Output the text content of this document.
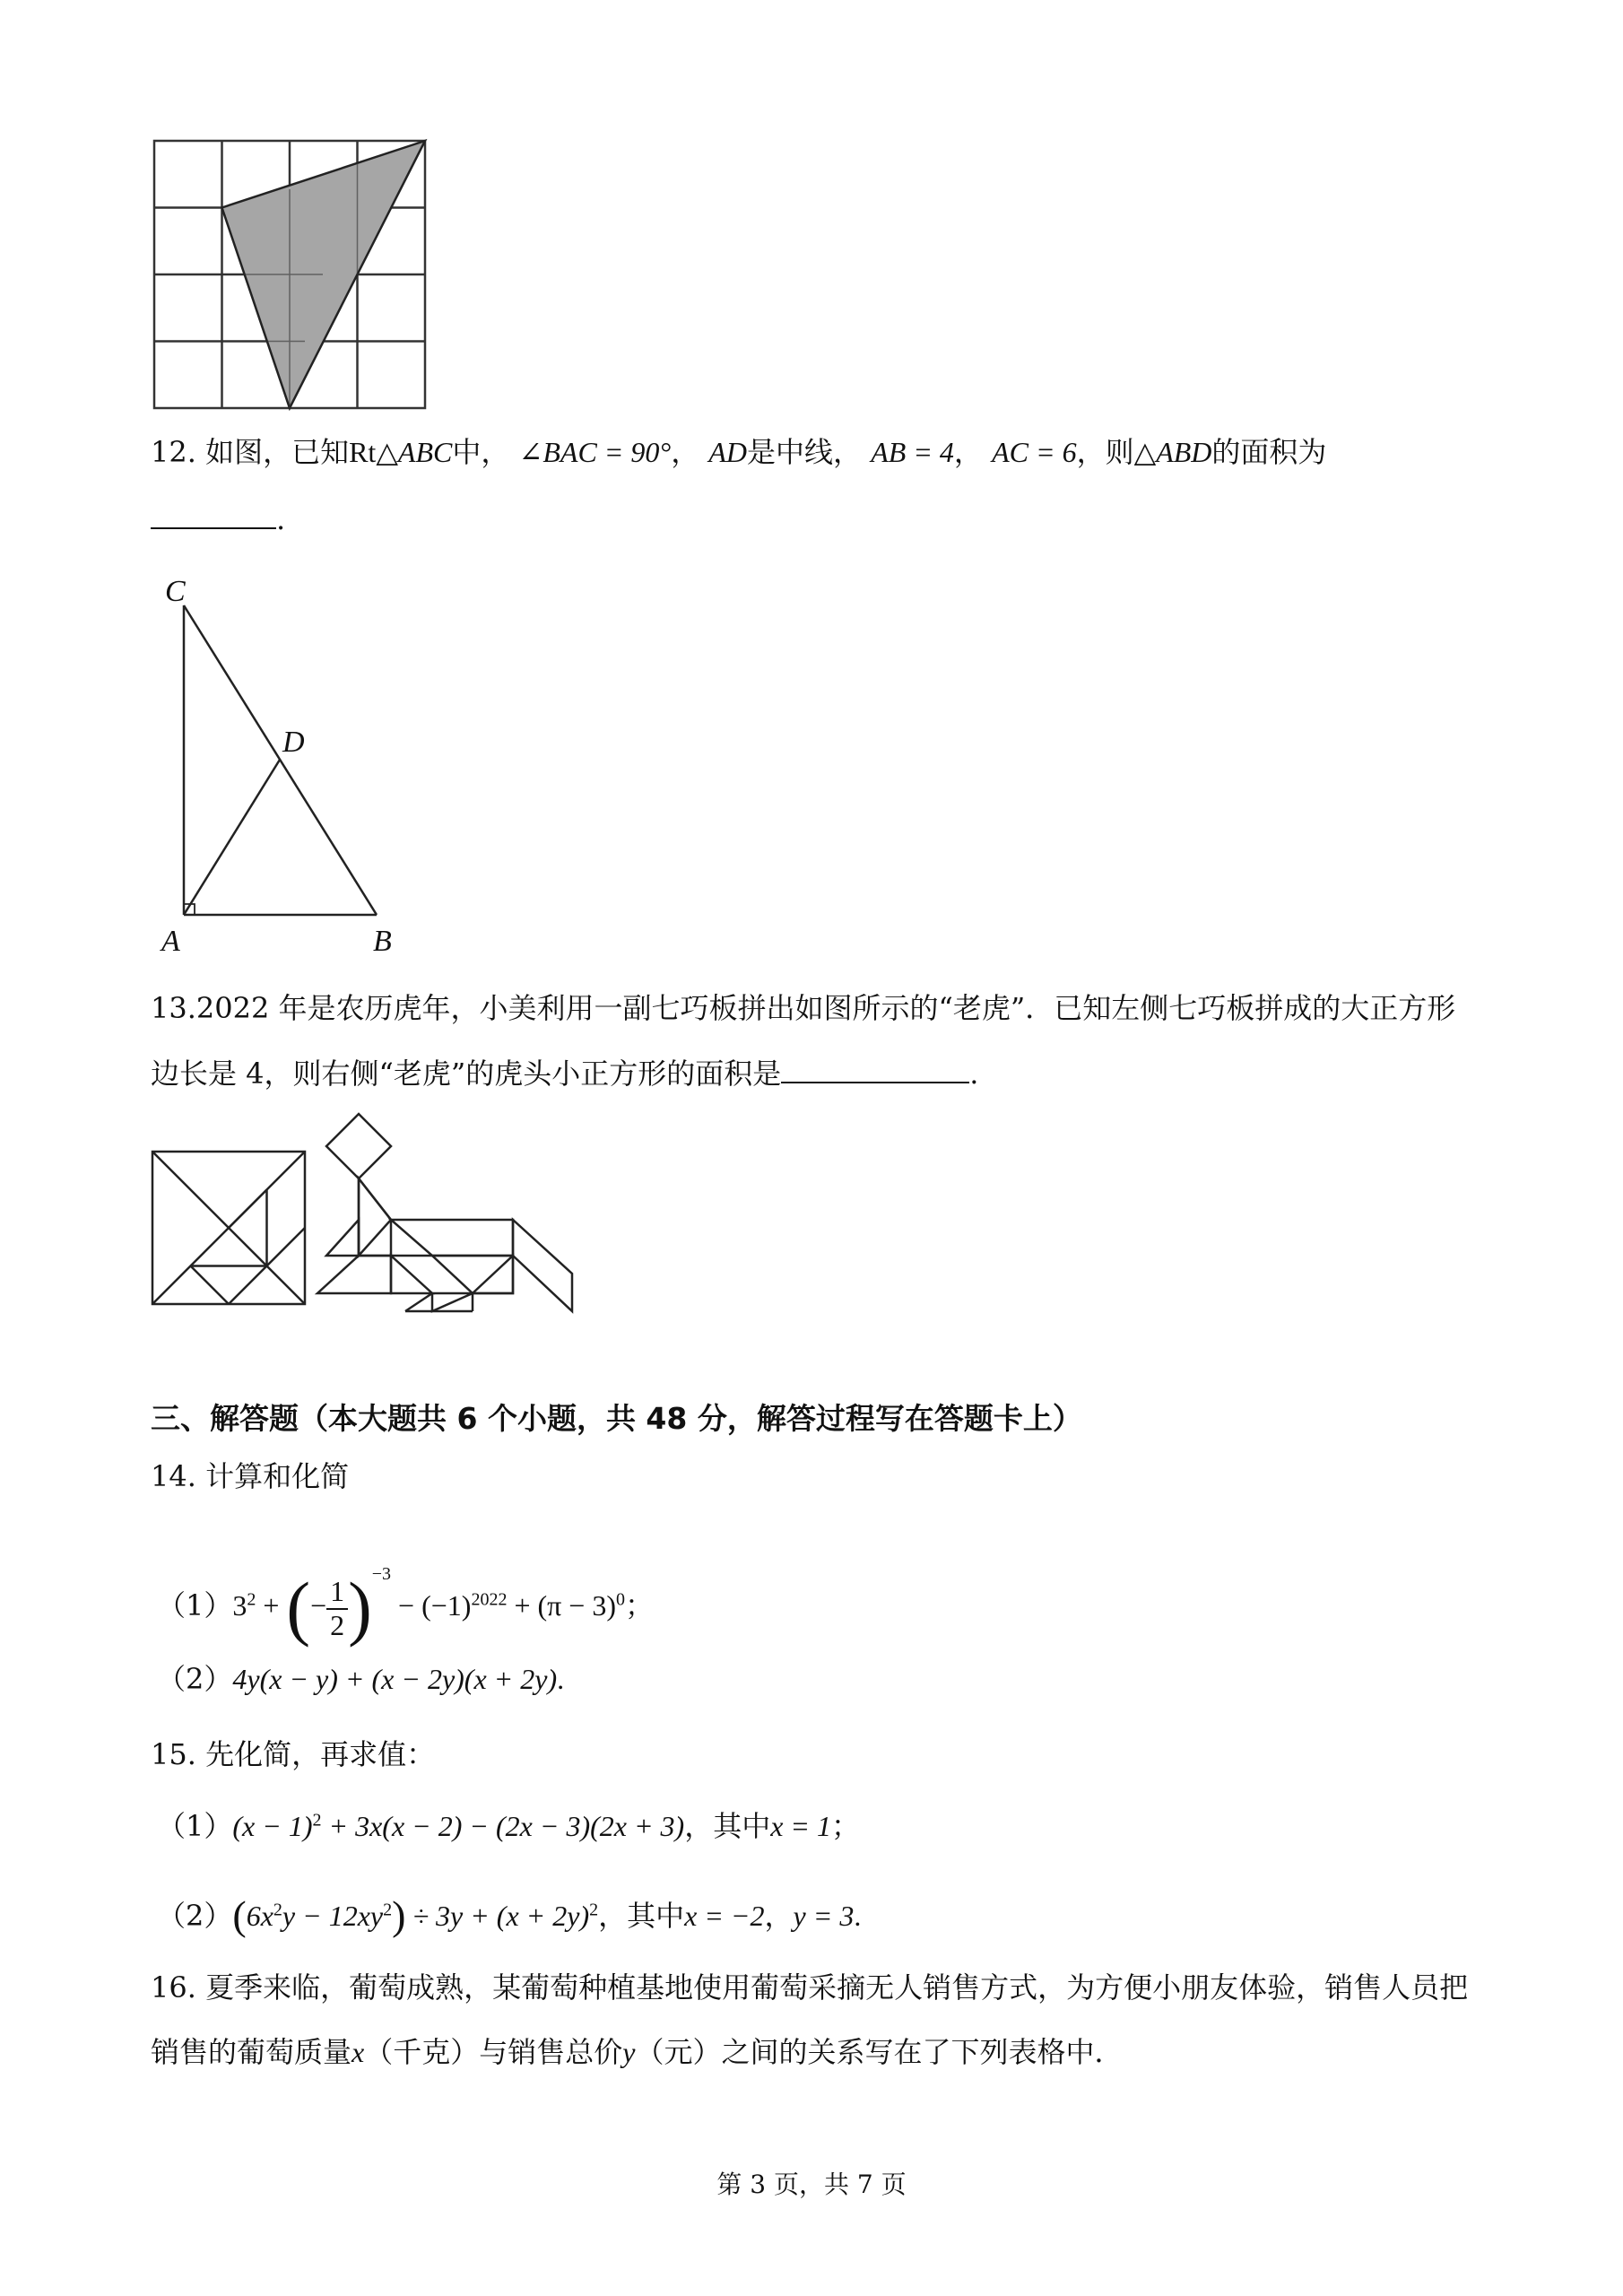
12. 如图，已知Rt△ABC中， ∠BAC = 90°， AD是中线， AB = 4， AC = 6，则△ABD的面积为
.
C
D
A	B
13.2022 年是农历虎年，小美利用一副七巧板拼出如图所示的“老虎”．已知左侧七巧板拼成的大正方形
边长是 4，则右侧“老虎”的虎头小正方形的面积是	.
三、解答题（本大题共 6 个小题，共 48 分，解答过程写在答题卡上）
14. 计算和化简
$(1)3^2$ + (− $\frac{1}{2} )^{-3} - (-1)^{2022} + (\pi - 3)^0$；
（2）4y(x − y) + (x − 2y)(x + 2y).
15. 先化简，再求值：
$(1)(x - 1)^2 + 3x(x - 2) - (2x - 3)(2x + 3)$，其中x = 1；
$(2)(6x^2y - 12xy^2) \div 3y + (x + 2y)^2$，其中x = −2，y = 3.
16. 夏季来临，葡萄成熟，某葡萄种植基地使用葡萄采摘无人销售方式，为方便小朋友体验，销售人员把
销售的葡萄质量x（千克）与销售总价y（元）之间的关系写在了下列表格中．
第 3 页，共 7 页
